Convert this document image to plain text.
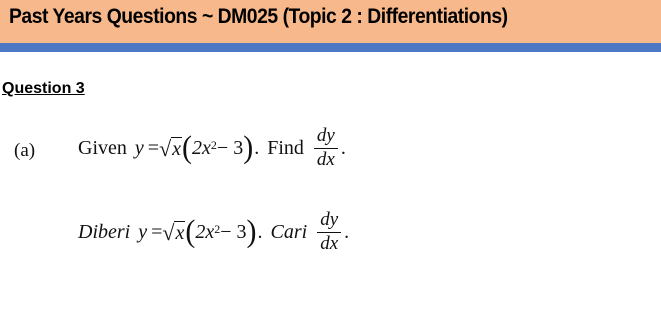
Past Years Questions ~ DM025 (Topic 2 : Differentiations)
Question 3
(a) Given y = √ x ( $2x^2 - 3$ ) . Find $\frac{dy}{dx}$ .
Diberi y = √ x ( $2x^2 - 3$ ) . Cari $\frac{dy}{dx}$ .
